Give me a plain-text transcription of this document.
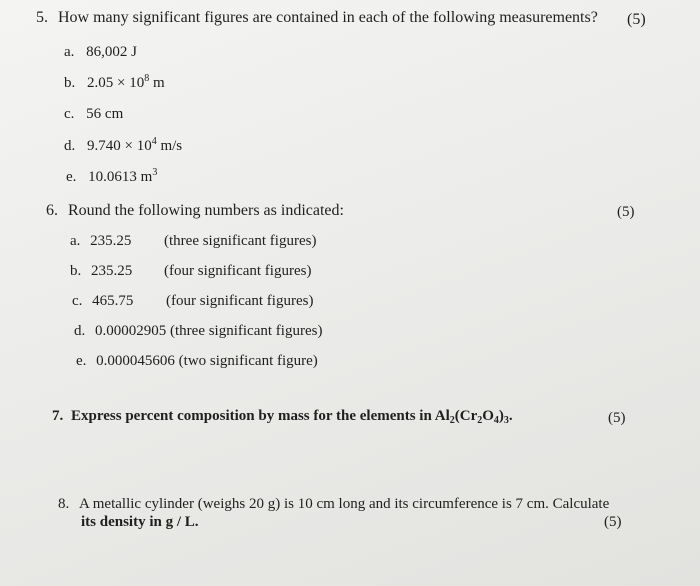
5. How many significant figures are contained in each of the following measurements? (5)
a. 86,002 J
b. $2.05 \times 10^8$ m
c. 56 cm
d. $9.740 \times 10^4$ m/s
e. 10.0613 $m^3$
6. Round the following numbers as indicated:	(5)
a. 235.25 (three significant figures)
b. 235.25 (four significant figures)
c. 465.75 (four significant figures)
d. 0.00002905 (three significant figures)
e. 0.000045606 (two significant figure)
7. Express percent composition by mass for the elements in $Al_2(Cr_2O_4)_3$.	(5)
8. A metallic cylinder (weighs 20 g) is 10 cm long and its circumference is 7 cm. Calculate
its density in g / L.	(5)
